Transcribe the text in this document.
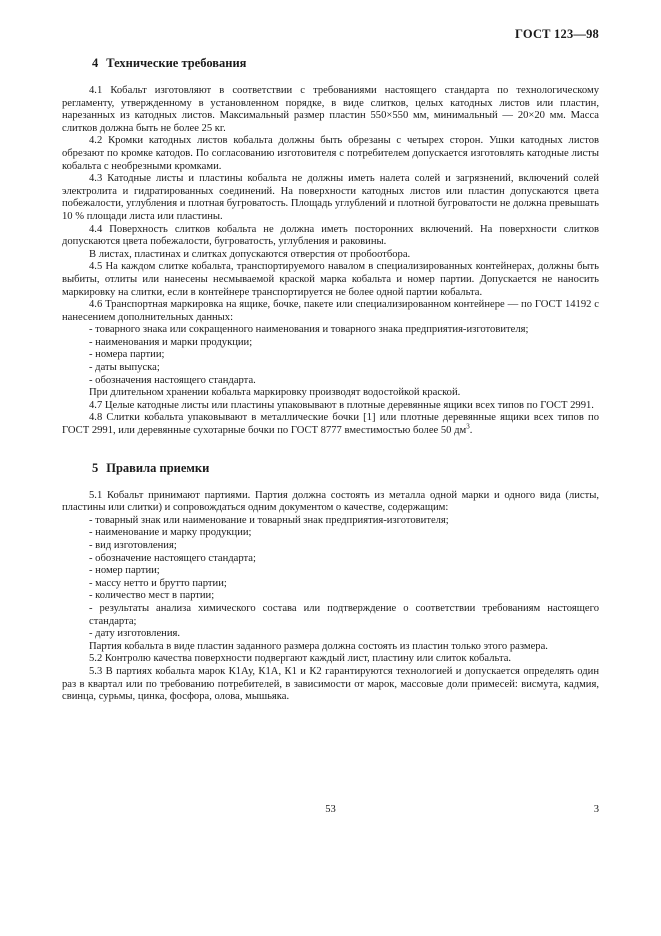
ГОСТ 123—98
4 Технические требования

4.1 Кобальт изготовляют в соответствии с требованиями настоящего стандарта по технологическому регламенту, утвержденному в установленном порядке, в виде слитков, целых катодных листов или пластин, нарезанных из катодных листов. Максимальный размер пластин 550×550 мм, минимальный — 20×20 мм. Масса слитков должна быть не более 25 кг.

4.2 Кромки катодных листов кобальта должны быть обрезаны с четырех сторон. Ушки катодных листов обрезают по кромке катодов. По согласованию изготовителя с потребителем допускается изготовлять катодные листы кобальта с необрезными кромками.

4.3 Катодные листы и пластины кобальта не должны иметь налета солей и загрязнений, включений солей электролита и гидратированных соединений. На поверхности катодных листов или пластин допускаются цвета побежалости, углубления и плотная бугроватость. Площадь углублений и плотной бугроватости не должна превышать 10 % площади листа или пластины.

4.4 Поверхность слитков кобальта не должна иметь посторонних включений. На поверхности слитков допускаются цвета побежалости, бугроватость, углубления и раковины.

В листах, пластинах и слитках допускаются отверстия от пробоотбора.

4.5 На каждом слитке кобальта, транспортируемого навалом в специализированных контейнерах, должны быть выбиты, отлиты или нанесены несмываемой краской марка кобальта и номер партии. Допускается не наносить маркировку на слитки, если в контейнере транспортируется не более одной партии кобальта.

4.6 Транспортная маркировка на ящике, бочке, пакете или специализированном контейнере — по ГОСТ 14192 с нанесением дополнительных данных:

- товарного знака или сокращенного наименования и товарного знака предприятия-изготовителя;

- наименования и марки продукции;

- номера партии;

- даты выпуска;

- обозначения настоящего стандарта.

При длительном хранении кобальта маркировку производят водостойкой краской.

4.7 Целые катодные листы или пластины упаковывают в плотные деревянные ящики всех типов по ГОСТ 2991.

4.8 Слитки кобальта упаковывают в металлические бочки [1] или плотные деревянные ящики всех типов по ГОСТ 2991, или деревянные сухотарные бочки по ГОСТ 8777 вместимостью более 50 $дм^3$.

5 Правила приемки

5.1 Кобальт принимают партиями. Партия должна состоять из металла одной марки и одного вида (листы, пластины или слитки) и сопровождаться одним документом о качестве, содержащим:

- товарный знак или наименование и товарный знак предприятия-изготовителя;

- наименование и марку продукции;

- вид изготовления;

- обозначение настоящего стандарта;

- номер партии;

- массу нетто и брутто партии;

- количество мест в партии;

- результаты анализа химического состава или подтверждение о соответствии требованиям настоящего стандарта;

- дату изготовления.

Партия кобальта в виде пластин заданного размера должна состоять из пластин только этого размера.

5.2 Контролю качества поверхности подвергают каждый лист, пластину или слиток кобальта.

5.3 В партиях кобальта марок К1Ау, К1А, К1 и К2 гарантируются технологией и допускается определять один раз в квартал или по требованию потребителей, в зависимости от марок, массовые доли примесей: висмута, кадмия, свинца, сурьмы, цинка, фосфора, олова, мышьяка.

53	3
